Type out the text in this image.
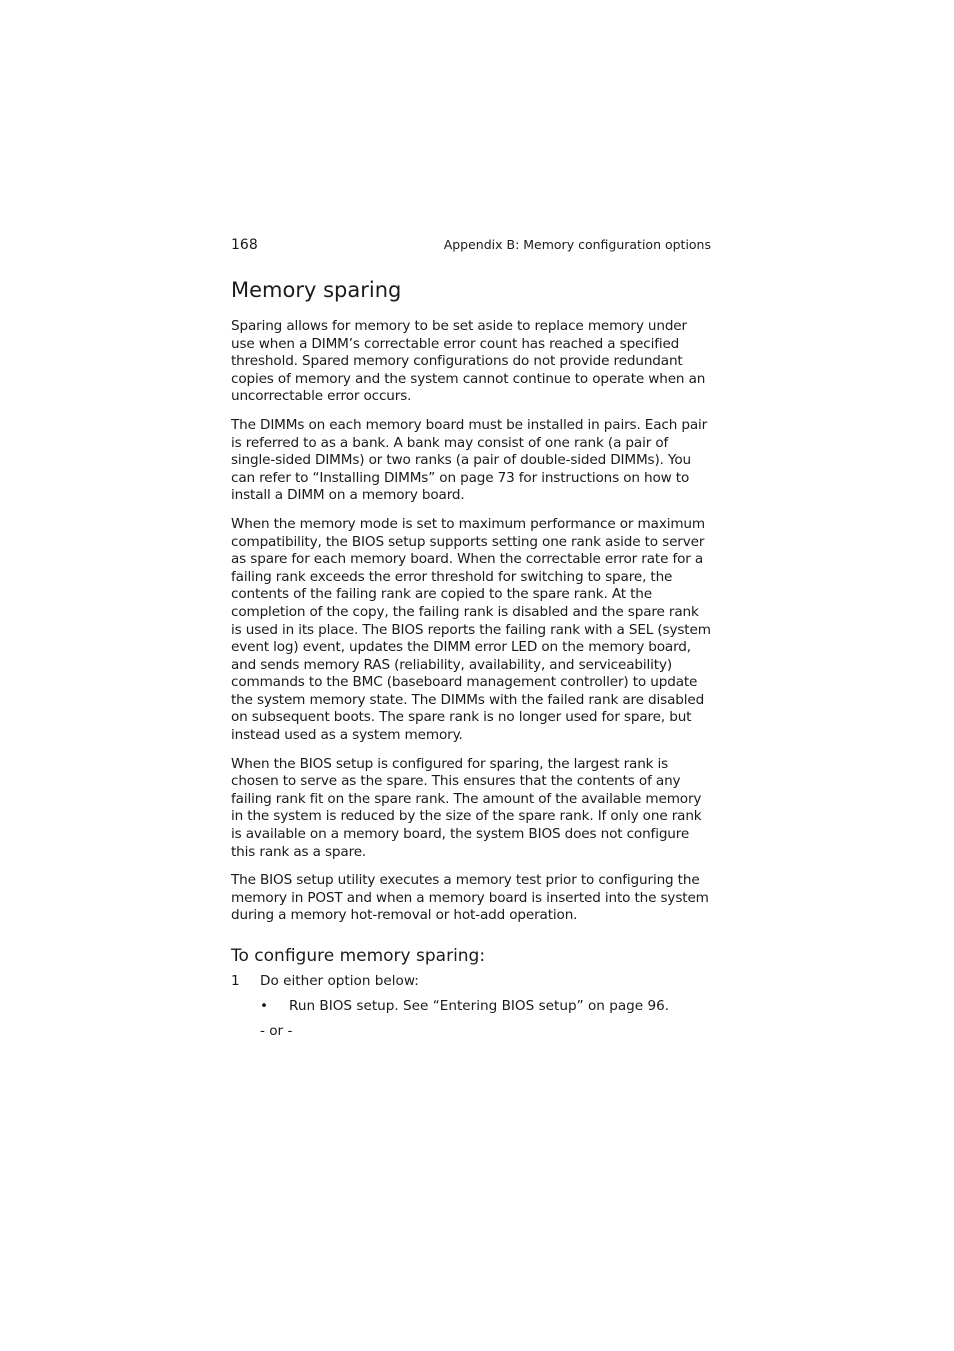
168	Appendix B: Memory configuration options
Memory sparing

Sparing allows for memory to be set aside to replace memory under use when a DIMM’s correctable error count has reached a specified threshold. Spared memory configurations do not provide redundant copies of memory and the system cannot continue to operate when an uncorrectable error occurs.

The DIMMs on each memory board must be installed in pairs. Each pair is referred to as a bank. A bank may consist of one rank (a pair of single-sided DIMMs) or two ranks (a pair of double-sided DIMMs). You can refer to “Installing DIMMs” on page 73 for instructions on how to install a DIMM on a memory board.

When the memory mode is set to maximum performance or maximum compatibility, the BIOS setup supports setting one rank aside to server as spare for each memory board. When the correctable error rate for a failing rank exceeds the error threshold for switching to spare, the contents of the failing rank are copied to the spare rank. At the completion of the copy, the failing rank is disabled and the spare rank is used in its place. The BIOS reports the failing rank with a SEL (system event log) event, updates the DIMM error LED on the memory board, and sends memory RAS (reliability, availability, and serviceability) commands to the BMC (baseboard management controller) to update the system memory state. The DIMMs with the failed rank are disabled on subsequent boots. The spare rank is no longer used for spare, but instead used as a system memory.

When the BIOS setup is configured for sparing, the largest rank is chosen to serve as the spare. This ensures that the contents of any failing rank fit on the spare rank. The amount of the available memory in the system is reduced by the size of the spare rank. If only one rank is available on a memory board, the system BIOS does not configure this rank as a spare.

The BIOS setup utility executes a memory test prior to configuring the memory in POST and when a memory board is inserted into the system during a memory hot-removal or hot-add operation.

To configure memory sparing:
1	Do either option below:
•	Run BIOS setup. See “Entering BIOS setup” on page 96.
- or -
